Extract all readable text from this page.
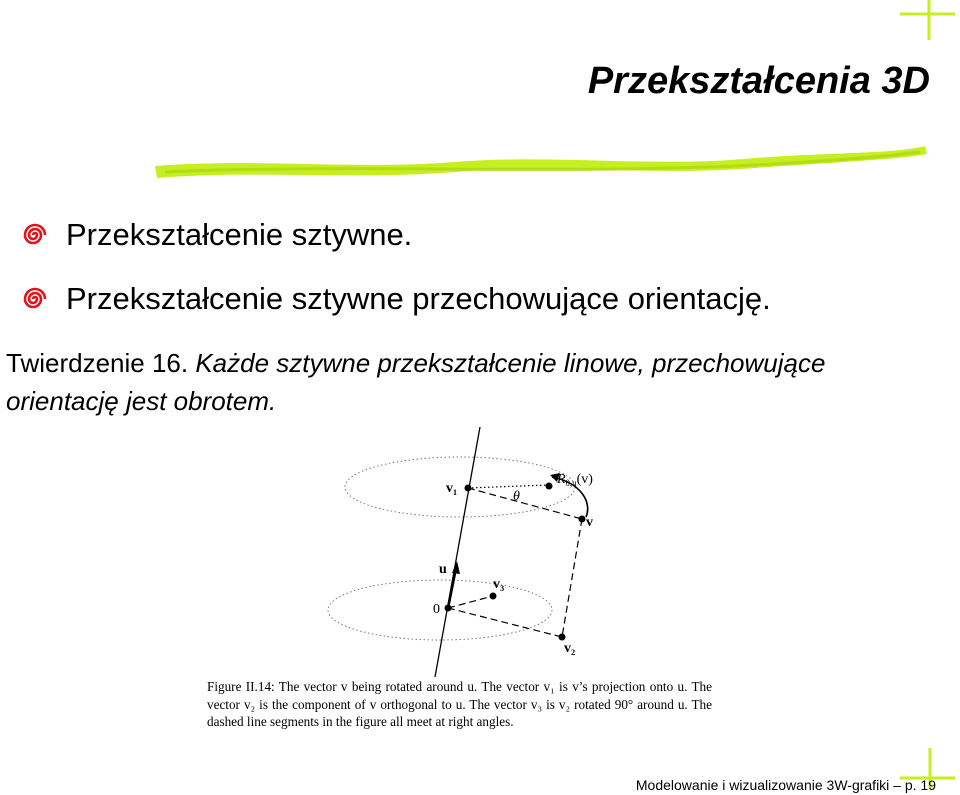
Przekształcenia 3D
Przekształcenie sztywne.
Przekształcenie sztywne przechowujące orientację.
Twierdzenie 16. Każde sztywne przekształcenie linowe, przechowujące orientację jest obrotem.
v₁
θ
$R_{\theta,u}(v)$
v
u
v₃
0
v₂
Figure II.14: The vector v being rotated around u. The vector v₁ is v’s projection onto u. The vector v₂ is the component of v orthogonal to u. The vector v₃ is v₂ rotated 90° around u. The dashed line segments in the figure all meet at right angles.
Modelowanie i wizualizowanie 3W-grafiki – p. 19
